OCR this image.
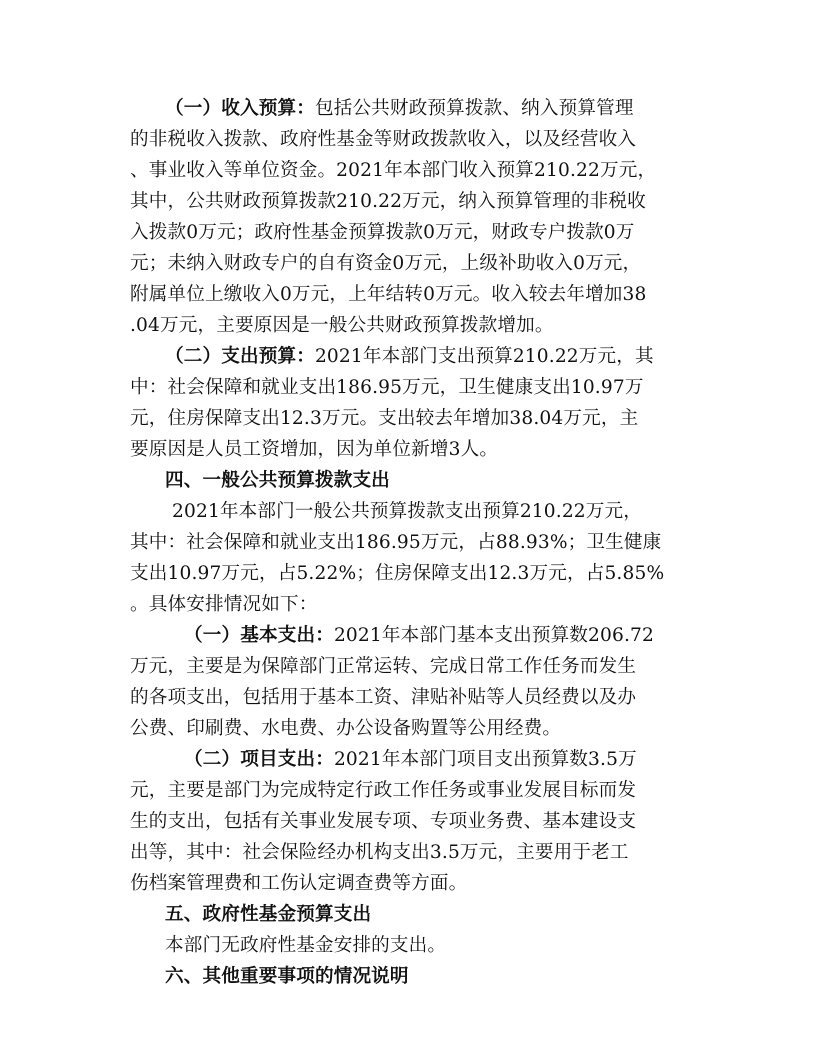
（一）收入预算：包括公共财政预算拨款、纳入预算管理
的非税收入拨款、政府性基金等财政拨款收入，以及经营收入
、事业收入等单位资金。2021年本部门收入预算210.22万元，
其中，公共财政预算拨款210.22万元，纳入预算管理的非税收
入拨款0万元；政府性基金预算拨款0万元，财政专户拨款0万
元；未纳入财政专户的自有资金0万元，上级补助收入0万元，
附属单位上缴收入0万元，上年结转0万元。收入较去年增加38
.04万元，主要原因是一般公共财政预算拨款增加。
（二）支出预算：2021年本部门支出预算210.22万元，其
中：社会保障和就业支出186.95万元，卫生健康支出10.97万
元，住房保障支出12.3万元。支出较去年增加38.04万元，主
要原因是人员工资增加，因为单位新增3人。
四、一般公共预算拨款支出
2021年本部门一般公共预算拨款支出预算210.22万元，
其中：社会保障和就业支出186.95万元，占88.93%；卫生健康
支出10.97万元，占5.22%；住房保障支出12.3万元，占5.85%
。具体安排情况如下：
（一）基本支出：2021年本部门基本支出预算数206.72
万元，主要是为保障部门正常运转、完成日常工作任务而发生
的各项支出，包括用于基本工资、津贴补贴等人员经费以及办
公费、印刷费、水电费、办公设备购置等公用经费。
（二）项目支出：2021年本部门项目支出预算数3.5万
元，主要是部门为完成特定行政工作任务或事业发展目标而发
生的支出，包括有关事业发展专项、专项业务费、基本建设支
出等，其中：社会保险经办机构支出3.5万元，主要用于老工
伤档案管理费和工伤认定调查费等方面。
五、政府性基金预算支出
本部门无政府性基金安排的支出。
六、其他重要事项的情况说明
